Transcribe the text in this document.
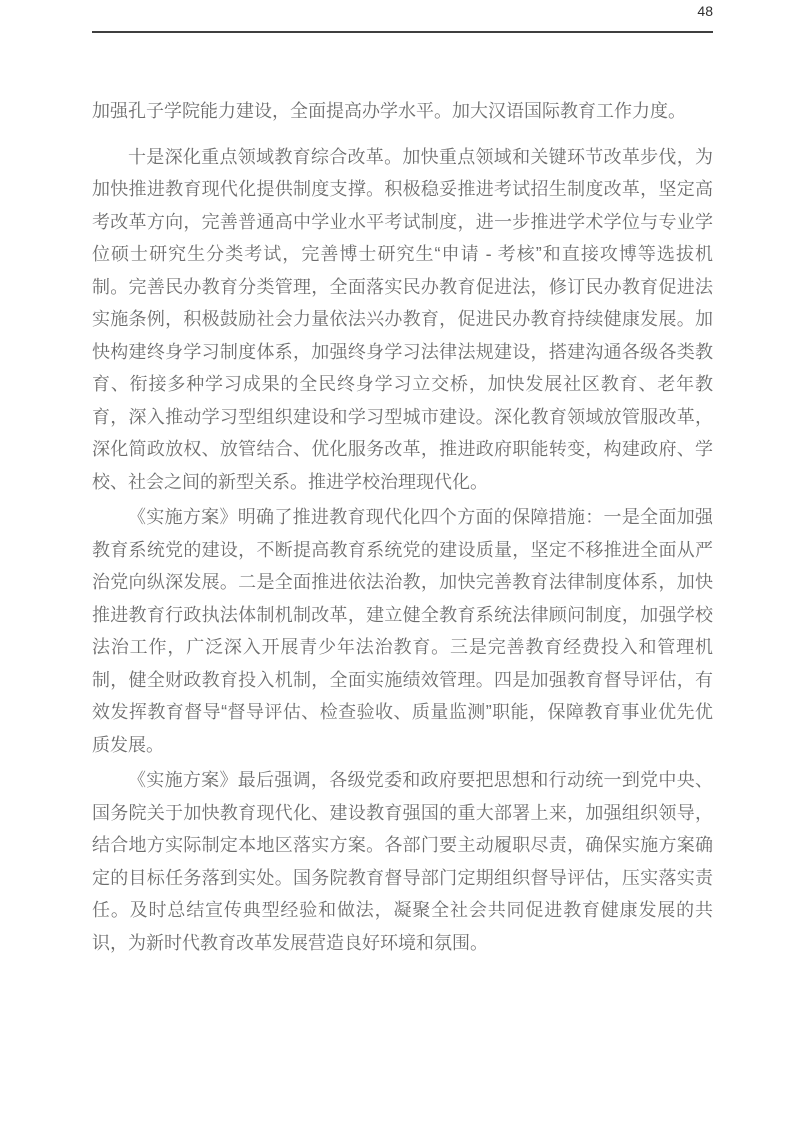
48

加强孔子学院能力建设，全面提高办学水平。加大汉语国际教育工作力度。

十是深化重点领域教育综合改革。加快重点领域和关键环节改革步伐，为加快推进教育现代化提供制度支撑。积极稳妥推进考试招生制度改革，坚定高考改革方向，完善普通高中学业水平考试制度，进一步推进学术学位与专业学位硕士研究生分类考试，完善博士研究生“申请 - 考核”和直接攻博等选拔机制。完善民办教育分类管理，全面落实民办教育促进法，修订民办教育促进法实施条例，积极鼓励社会力量依法兴办教育，促进民办教育持续健康发展。加快构建终身学习制度体系，加强终身学习法律法规建设，搭建沟通各级各类教育、衔接多种学习成果的全民终身学习立交桥，加快发展社区教育、老年教育，深入推动学习型组织建设和学习型城市建设。深化教育领域放管服改革，深化简政放权、放管结合、优化服务改革，推进政府职能转变，构建政府、学校、社会之间的新型关系。推进学校治理现代化。

《实施方案》明确了推进教育现代化四个方面的保障措施：一是全面加强教育系统党的建设，不断提高教育系统党的建设质量，坚定不移推进全面从严治党向纵深发展。二是全面推进依法治教，加快完善教育法律制度体系，加快推进教育行政执法体制机制改革，建立健全教育系统法律顾问制度，加强学校法治工作，广泛深入开展青少年法治教育。三是完善教育经费投入和管理机制，健全财政教育投入机制，全面实施绩效管理。四是加强教育督导评估，有效发挥教育督导“督导评估、检查验收、质量监测”职能，保障教育事业优先优质发展。

《实施方案》最后强调，各级党委和政府要把思想和行动统一到党中央、国务院关于加快教育现代化、建设教育强国的重大部署上来，加强组织领导，结合地方实际制定本地区落实方案。各部门要主动履职尽责，确保实施方案确定的目标任务落到实处。国务院教育督导部门定期组织督导评估，压实落实责任。及时总结宣传典型经验和做法，凝聚全社会共同促进教育健康发展的共识，为新时代教育改革发展营造良好环境和氛围。
